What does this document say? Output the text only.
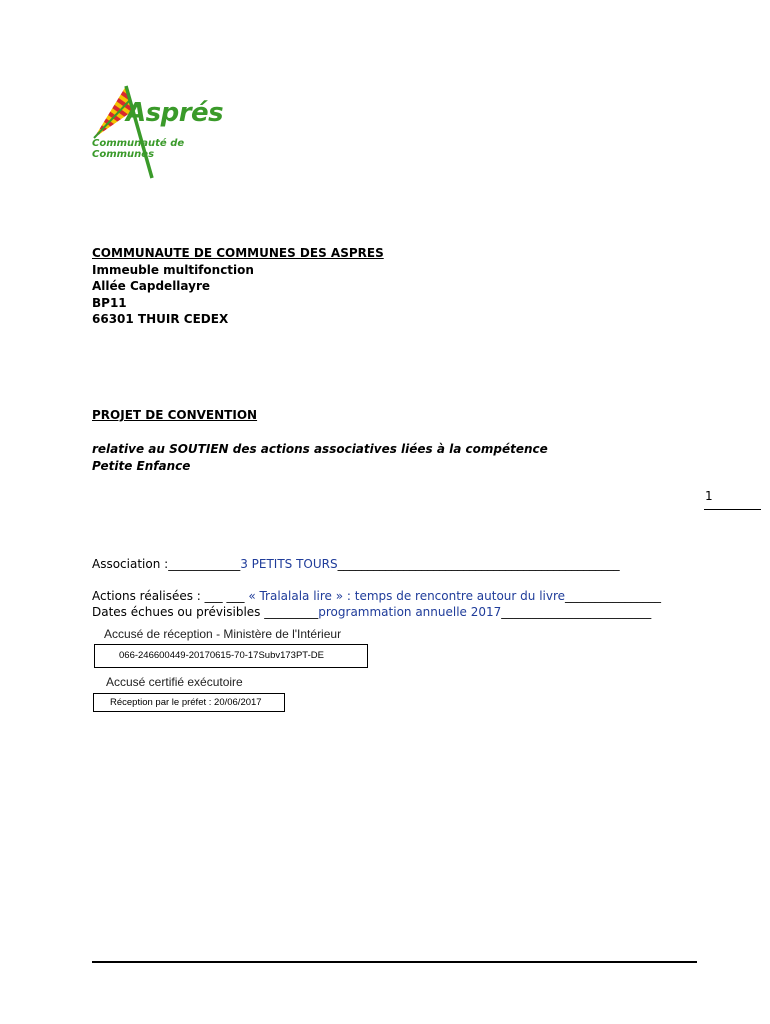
Asprés
Communauté de Communes
COMMUNAUTE DE COMMUNES DES ASPRES
Immeuble multifonction
Allée Capdellayre
BP11
66301 THUIR CEDEX
PROJET DE CONVENTION
relative au SOUTIEN des actions associatives liées à la compétence
Petite Enfance
1
Association :____________3 PETITS TOURS_______________________________________________
Actions réalisées : ___ ___ « Tralalala lire » : temps de rencontre autour du livre________________
Dates échues ou prévisibles _________programmation annuelle 2017_________________________
Accusé de réception - Ministère de l'Intérieur
066-246600449-20170615-70-17Subv173PT-DE
Accusé certifié exécutoire
Réception par le préfet : 20/06/2017
